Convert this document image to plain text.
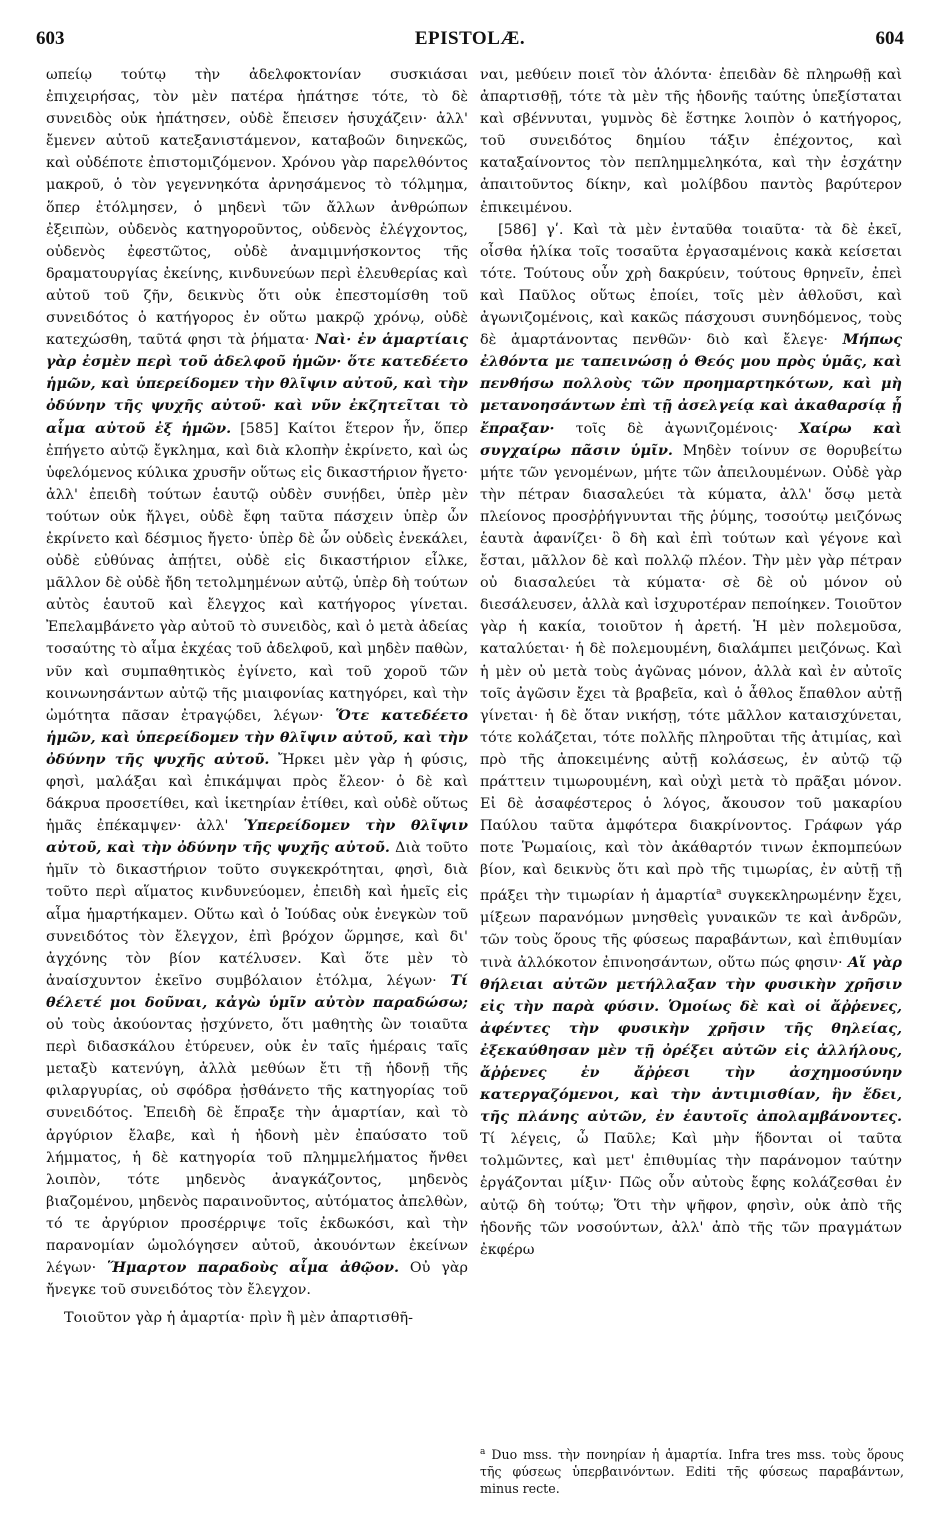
603	EPISTOLÆ.	604

ωπείῳ τούτῳ τὴν ἀδελφοκτονίαν συσκιάσαι ἐπιχειρήσας, τὸν μὲν πατέρα ἠπάτησε τότε, τὸ δὲ συνειδὸς οὐκ ἠπάτησεν, οὐδὲ ἔπεισεν ἡσυχάζειν· ἀλλ' ἔμενεν αὐτοῦ κατεξανιστάμενον, καταβοῶν διηνεκῶς, καὶ οὐδέποτε ἐπιστομιζόμενον. Χρόνου γὰρ παρελθόντος μακροῦ, ὁ τὸν γεγεννηκότα ἀρνησάμενος τὸ τόλμημα, ὅπερ ἐτόλμησεν, ὁ μηδενὶ τῶν ἄλλων ἀνθρώπων ἐξειπὼν, οὐδενὸς κατηγοροῦντος, οὐδενὸς ἐλέγχοντος, οὐδενὸς ἐφεστῶτος, οὐδὲ ἀναμιμνήσκοντος τῆς δραματουργίας ἐκείνης, κινδυνεύων περὶ ἐλευθερίας καὶ αὐτοῦ τοῦ ζῆν, δεικνὺς ὅτι οὐκ ἐπεστομίσθη τοῦ συνειδότος ὁ κατήγορος ἐν οὕτω μακρῷ χρόνῳ, οὐδὲ κατεχώσθη, ταῦτά φησι τὰ ῥήματα· Ναὶ· ἐν ἁμαρτίαις γὰρ ἐσμὲν περὶ τοῦ ἀδελφοῦ ἡμῶν· ὅτε κατεδέετο ἡμῶν, καὶ ὑπερείδομεν τὴν θλῖψιν αὐτοῦ, καὶ τὴν ὀδύνην τῆς ψυχῆς αὐτοῦ· καὶ νῦν ἐκζητεῖται τὸ αἷμα αὐτοῦ ἐξ ἡμῶν. [585] Καίτοι ἕτερον ἦν, ὅπερ ἐπήγετο αὐτῷ ἔγκλημα, καὶ διὰ κλοπὴν ἐκρίνετο, καὶ ὡς ὑφελόμενος κύλικα χρυσῆν οὕτως εἰς δικαστήριον ἤγετο· ἀλλ' ἐπειδὴ τούτων ἑαυτῷ οὐδὲν συνῄδει, ὑπὲρ μὲν τούτων οὐκ ἤλγει, οὐδὲ ἔφη ταῦτα πάσχειν ὑπὲρ ὧν ἐκρίνετο καὶ δέσμιος ἤγετο· ὑπὲρ δὲ ὧν οὐδεὶς ἐνεκάλει, οὐδὲ εὐθύνας ἀπῄτει, οὐδὲ εἰς δικαστήριον εἷλκε, μᾶλλον δὲ οὐδὲ ἤδη τετολμημένων αὐτῷ, ὑπὲρ δὴ τούτων αὐτὸς ἑαυτοῦ καὶ ἔλεγχος καὶ κατήγορος γίνεται. Ἐπελαμβάνετο γὰρ αὐτοῦ τὸ συνειδὸς, καὶ ὁ μετὰ ἀδείας τοσαύτης τὸ αἷμα ἐκχέας τοῦ ἀδελφοῦ, καὶ μηδὲν παθὼν, νῦν καὶ συμπαθητικὸς ἐγίνετο, καὶ τοῦ χοροῦ τῶν κοινωνησάντων αὐτῷ τῆς μιαιφονίας κατηγόρει, καὶ τὴν ὠμότητα πᾶσαν ἐτραγῴδει, λέγων· Ὅτε κατεδέετο ἡμῶν, καὶ ὑπερείδομεν τὴν θλῖψιν αὐτοῦ, καὶ τὴν ὀδύνην τῆς ψυχῆς αὐτοῦ. Ἤρκει μὲν γὰρ ἡ φύσις, φησὶ, μαλάξαι καὶ ἐπικάμψαι πρὸς ἔλεον· ὁ δὲ καὶ δάκρυα προσετίθει, καὶ ἱκετηρίαν ἐτίθει, καὶ οὐδὲ οὕτως ἡμᾶς ἐπέκαμψεν· ἀλλ' Ὑπερείδομεν τὴν θλῖψιν αὐτοῦ, καὶ τὴν ὀδύνην τῆς ψυχῆς αὐτοῦ. Διὰ τοῦτο ἡμῖν τὸ δικαστήριον τοῦτο συγκεκρότηται, φησὶ, διὰ τοῦτο περὶ αἵματος κινδυνεύομεν, ἐπειδὴ καὶ ἡμεῖς εἰς αἷμα ἡμαρτήκαμεν. Οὕτω καὶ ὁ Ἰούδας οὐκ ἐνεγκὼν τοῦ συνειδότος τὸν ἔλεγχον, ἐπὶ βρόχον ὥρμησε, καὶ δι' ἀγχόνης τὸν βίον κατέλυσεν. Καὶ ὅτε μὲν τὸ ἀναίσχυντον ἐκεῖνο συμβόλαιον ἐτόλμα, λέγων· Τί θέλετέ μοι δοῦναι, κἀγὼ ὑμῖν αὐτὸν παραδώσω; οὐ τοὺς ἀκούοντας ᾐσχύνετο, ὅτι μαθητὴς ὢν τοιαῦτα περὶ διδασκάλου ἐτύρευεν, οὐκ ἐν ταῖς ἡμέραις ταῖς μεταξὺ κατενύγη, ἀλλὰ μεθύων ἔτι τῇ ἡδονῇ τῆς φιλαργυρίας, οὐ σφόδρα ᾐσθάνετο τῆς κατηγορίας τοῦ συνειδότος. Ἐπειδὴ δὲ ἔπραξε τὴν ἁμαρτίαν, καὶ τὸ ἀργύριον ἔλαβε, καὶ ἡ ἡδονὴ μὲν ἐπαύσατο τοῦ λήμματος, ἡ δὲ κατηγορία τοῦ πλημμελήματος ἤνθει λοιπὸν, τότε μηδενὸς ἀναγκάζοντος, μηδενὸς βιαζομένου, μηδενὸς παραινοῦντος, αὐτόματος ἀπελθὼν, τό τε ἀργύριον προσέρριψε τοῖς ἐκδωκόσι, καὶ τὴν παρανομίαν ὡμολόγησεν αὐτοῦ, ἀκουόντων ἐκείνων λέγων· Ἥμαρτον παραδοὺς αἷμα ἀθῷον. Οὐ γὰρ ἤνεγκε τοῦ συνειδότος τὸν ἔλεγχον.

Τοιοῦτον γὰρ ἡ ἁμαρτία· πρὶν ἢ μὲν ἀπαρτισθῆ-

ναι, μεθύειν ποιεῖ τὸν ἁλόντα· ἐπειδὰν δὲ πληρωθῇ καὶ ἀπαρτισθῇ, τότε τὰ μὲν τῆς ἡδονῆς ταύτης ὑπεξίσταται καὶ σβέννυται, γυμνὸς δὲ ἕστηκε λοιπὸν ὁ κατήγορος, τοῦ συνειδότος δημίου τάξιν ἐπέχοντος, καὶ καταξαίνοντος τὸν πεπλημμεληκότα, καὶ τὴν ἐσχάτην ἀπαιτοῦντος δίκην, καὶ μολίβδου παντὸς βαρύτερον ἐπικειμένου.

[586] γʹ. Καὶ τὰ μὲν ἐνταῦθα τοιαῦτα· τὰ δὲ ἐκεῖ, οἶσθα ἡλίκα τοῖς τοσαῦτα ἐργασαμένοις κακὰ κείσεται τότε. Τούτους οὖν χρὴ δακρύειν, τούτους θρηνεῖν, ἐπεὶ καὶ Παῦλος οὕτως ἐποίει, τοῖς μὲν ἀθλοῦσι, καὶ ἀγωνιζομένοις, καὶ κακῶς πάσχουσι συνηδόμενος, τοὺς δὲ ἁμαρτάνοντας πενθῶν· διὸ καὶ ἔλεγε· Μήπως ἐλθόντα με ταπεινώσῃ ὁ Θεός μου πρὸς ὑμᾶς, καὶ πενθήσω πολλοὺς τῶν προημαρτηκότων, καὶ μὴ μετανοησάντων ἐπὶ τῇ ἀσελγείᾳ καὶ ἀκαθαρσίᾳ ᾗ ἔπραξαν· τοῖς δὲ ἀγωνιζομένοις· Χαίρω καὶ συγχαίρω πᾶσιν ὑμῖν. Μηδὲν τοίνυν σε θορυβείτω μήτε τῶν γενομένων, μήτε τῶν ἀπειλουμένων. Οὐδὲ γὰρ τὴν πέτραν διασαλεύει τὰ κύματα, ἀλλ' ὅσῳ μετὰ πλείονος προσῤῥήγνυνται τῆς ῥύμης, τοσούτῳ μειζόνως ἑαυτὰ ἀφανίζει· ὃ δὴ καὶ ἐπὶ τούτων καὶ γέγονε καὶ ἔσται, μᾶλλον δὲ καὶ πολλῷ πλέον. Τὴν μὲν γὰρ πέτραν οὐ διασαλεύει τὰ κύματα· σὲ δὲ οὐ μόνον οὐ διεσάλευσεν, ἀλλὰ καὶ ἰσχυροτέραν πεποίηκεν. Τοιοῦτον γὰρ ἡ κακία, τοιοῦτον ἡ ἀρετή. Ἡ μὲν πολεμοῦσα, καταλύεται· ἡ δὲ πολεμουμένη, διαλάμπει μειζόνως. Καὶ ἡ μὲν οὐ μετὰ τοὺς ἀγῶνας μόνον, ἀλλὰ καὶ ἐν αὐτοῖς τοῖς ἀγῶσιν ἔχει τὰ βραβεῖα, καὶ ὁ ἆθλος ἔπαθλον αὐτῇ γίνεται· ἡ δὲ ὅταν νικήσῃ, τότε μᾶλλον καταισχύνεται, τότε κολάζεται, τότε πολλῆς πληροῦται τῆς ἀτιμίας, καὶ πρὸ τῆς ἀποκειμένης αὐτῇ κολάσεως, ἐν αὐτῷ τῷ πράττειν τιμωρουμένη, καὶ οὐχὶ μετὰ τὸ πρᾶξαι μόνον. Εἰ δὲ ἀσαφέστερος ὁ λόγος, ἄκουσον τοῦ μακαρίου Παύλου ταῦτα ἀμφότερα διακρίνοντος. Γράφων γάρ ποτε Ῥωμαίοις, καὶ τὸν ἀκάθαρτόν τινων ἐκπομπεύων βίον, καὶ δεικνὺς ὅτι καὶ πρὸ τῆς τιμωρίας, ἐν αὐτῇ τῇ πράξει τὴν τιμωρίαν ἡ ἁμαρτία$^a$ συγκεκληρωμένην ἔχει, μίξεων παρανόμων μνησθεὶς γυναικῶν τε καὶ ἀνδρῶν, τῶν τοὺς ὅρους τῆς φύσεως παραβάντων, καὶ ἐπιθυμίαν τινὰ ἀλλόκοτον ἐπινοησάντων, οὕτω πώς φησιν· Αἵ γὰρ θήλειαι αὐτῶν μετήλλαξαν τὴν φυσικὴν χρῆσιν εἰς τὴν παρὰ φύσιν. Ὁμοίως δὲ καὶ οἱ ἄῤῥενες, ἀφέντες τὴν φυσικὴν χρῆσιν τῆς θηλείας, ἐξεκαύθησαν μὲν τῇ ὀρέξει αὐτῶν εἰς ἀλλήλους, ἄῤῥενες ἐν ἄῤῥεσι τὴν ἀσχημοσύνην κατεργαζόμενοι, καὶ τὴν ἀντιμισθίαν, ἣν ἔδει, τῆς πλάνης αὐτῶν, ἐν ἑαυτοῖς ἀπολαμβάνοντες. Τί λέγεις, ὦ Παῦλε; Καὶ μὴν ἥδονται οἱ ταῦτα τολμῶντες, καὶ μετ' ἐπιθυμίας τὴν παράνομον ταύτην ἐργάζονται μίξιν· Πῶς οὖν αὐτοὺς ἔφης κολάζεσθαι ἐν αὐτῷ δὴ τούτῳ; Ὅτι τὴν ψῆφον, φησὶν, οὐκ ἀπὸ τῆς ἡδονῆς τῶν νοσούντων, ἀλλ' ἀπὸ τῆς τῶν πραγμάτων ἐκφέρω

$^a$ Duo mss. τὴν πονηρίαν ἡ ἁμαρτία. Infra tres mss. τοὺς ὅρους τῆς φύσεως ὑπερβαινόντων. Editi τῆς φύσεως παραβάντων, minus recte.
